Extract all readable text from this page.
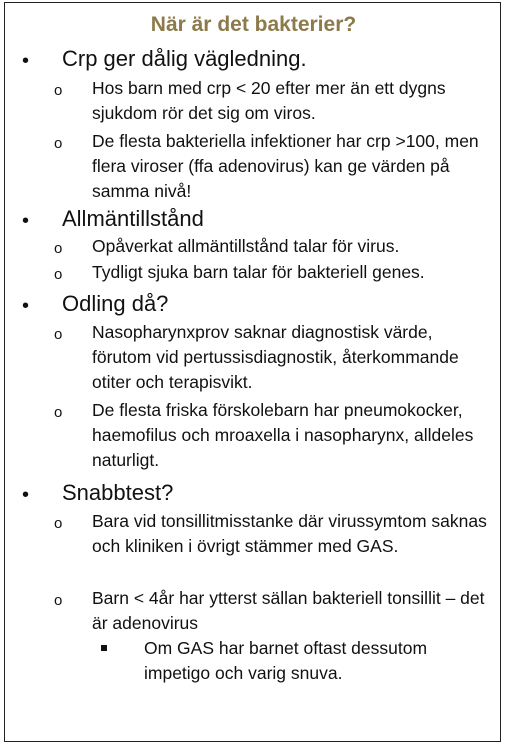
När är det bakterier?
• Crp ger dålig vägledning.
o Hos barn med crp < 20 efter mer än ett dygns sjukdom rör det sig om viros.
o De flesta bakteriella infektioner har crp >100, men flera viroser (ffa adenovirus) kan ge värden på samma nivå!
• Allmäntillstånd
o Opåverkat allmäntillstånd talar för virus.
o Tydligt sjuka barn talar för bakteriell genes.
• Odling då?
o Nasopharynxprov saknar diagnostisk värde, förutom vid pertussisdiagnostik, återkommande otiter och terapisvikt.
o De flesta friska förskolebarn har pneumokocker, haemofilus och mroaxella i nasopharynx, alldeles naturligt.
• Snabbtest?
o Bara vid tonsillitmisstanke där virussymtom saknas och kliniken i övrigt stämmer med GAS.
o Barn < 4år har ytterst sällan bakteriell tonsillit – det är adenovirus
Om GAS har barnet oftast dessutom impetigo och varig snuva.
